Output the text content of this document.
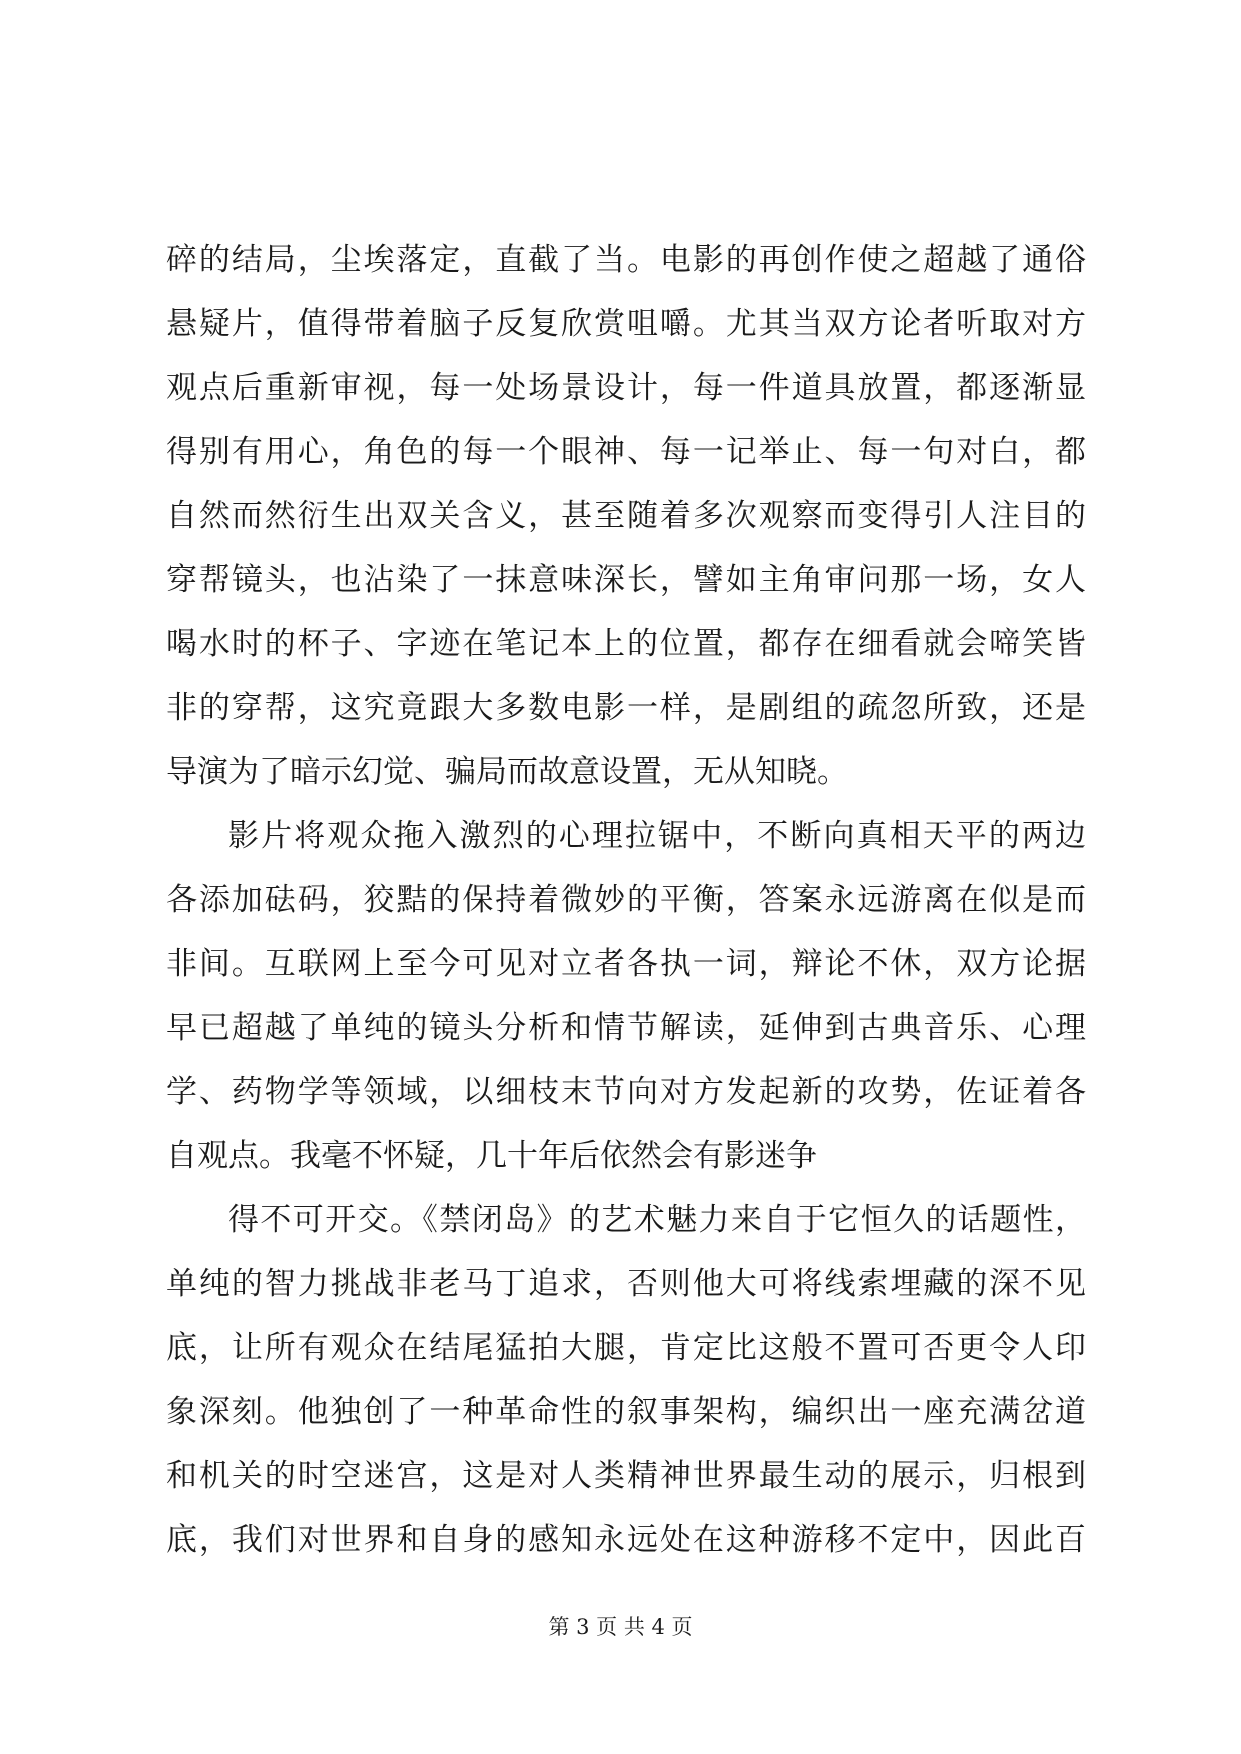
碎的结局，尘埃落定，直截了当。电影的再创作使之超越了通俗
悬疑片，值得带着脑子反复欣赏咀嚼。尤其当双方论者听取对方
观点后重新审视，每一处场景设计，每一件道具放置，都逐渐显
得别有用心，角色的每一个眼神、每一记举止、每一句对白，都
自然而然衍生出双关含义，甚至随着多次观察而变得引人注目的
穿帮镜头，也沾染了一抹意味深长，譬如主角审问那一场，女人
喝水时的杯子、字迹在笔记本上的位置，都存在细看就会啼笑皆
非的穿帮，这究竟跟大多数电影一样，是剧组的疏忽所致，还是
导演为了暗示幻觉、骗局而故意设置，无从知晓。
影片将观众拖入激烈的心理拉锯中，不断向真相天平的两边
各添加砝码，狡黠的保持着微妙的平衡，答案永远游离在似是而
非间。互联网上至今可见对立者各执一词，辩论不休，双方论据
早已超越了单纯的镜头分析和情节解读，延伸到古典音乐、心理
学、药物学等领域，以细枝末节向对方发起新的攻势，佐证着各
自观点。我毫不怀疑，几十年后依然会有影迷争
得不可开交。《禁闭岛》的艺术魅力来自于它恒久的话题性，
单纯的智力挑战非老马丁追求，否则他大可将线索埋藏的深不见
底，让所有观众在结尾猛拍大腿，肯定比这般不置可否更令人印
象深刻。他独创了一种革命性的叙事架构，编织出一座充满岔道
和机关的时空迷宫，这是对人类精神世界最生动的展示，归根到
底，我们对世界和自身的感知永远处在这种游移不定中，因此百
第 3 页 共 4 页
